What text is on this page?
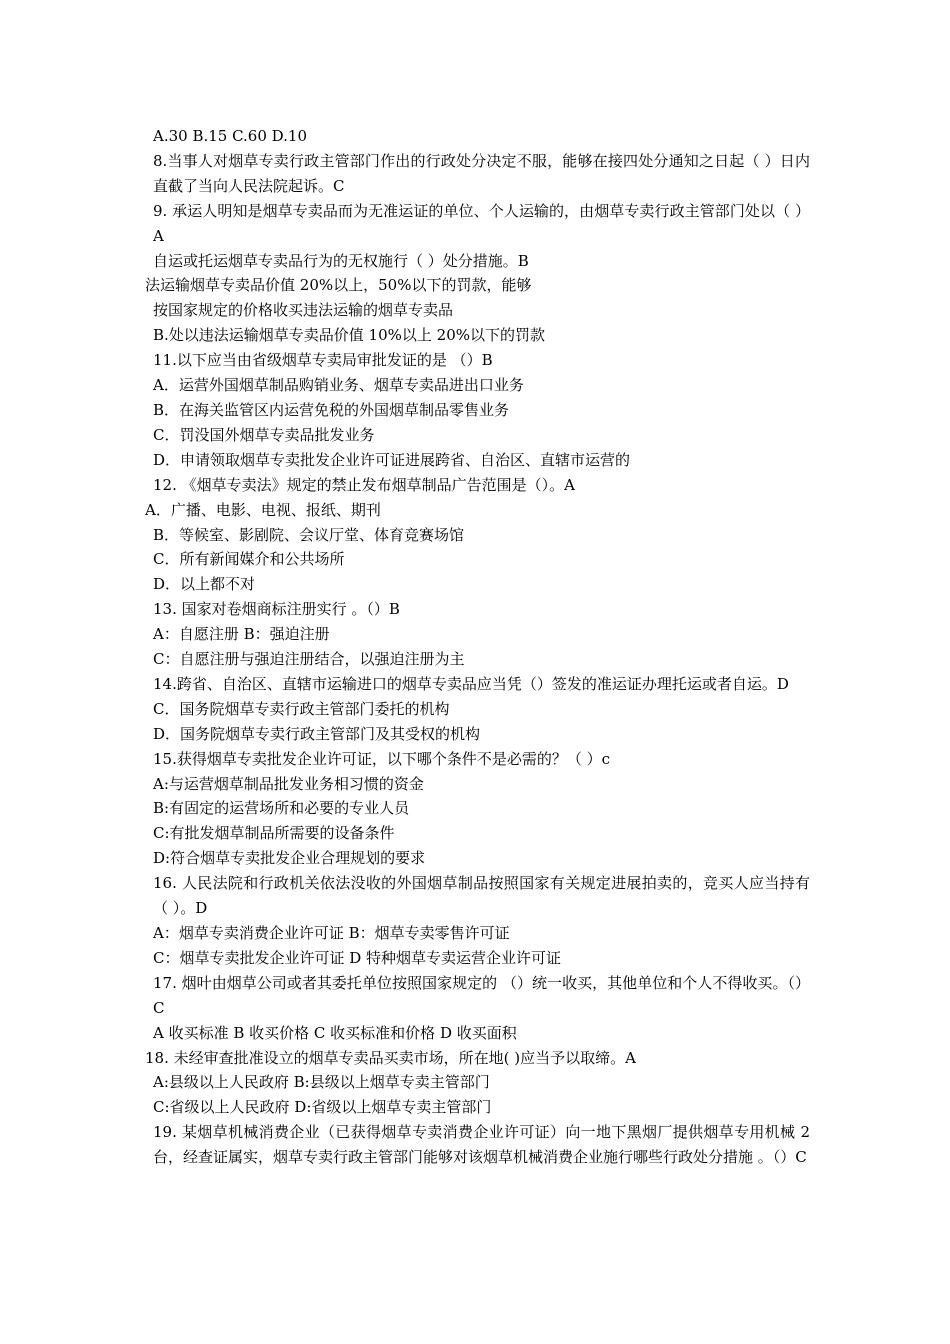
A.30 B.15 C.60 D.10
8.当事人对烟草专卖行政主管部门作出的行政处分决定不服，能够在接四处分通知之日起（ ）日内直截了当向人民法院起诉。C
9. 承运人明知是烟草专卖品而为无准运证的单位、个人运输的，由烟草专卖行政主管部门处以（ ）A
自运或托运烟草专卖品行为的无权施行（ ）处分措施。B
法运输烟草专卖品价值 20%以上，50%以下的罚款，能够
按国家规定的价格收买违法运输的烟草专卖品
B.处以违法运输烟草专卖品价值 10%以上 20%以下的罚款
11.以下应当由省级烟草专卖局审批发证的是 （）B
A．运营外国烟草制品购销业务、烟草专卖品进出口业务
B．在海关监管区内运营免税的外国烟草制品零售业务
C．罚没国外烟草专卖品批发业务
D．申请领取烟草专卖批发企业许可证进展跨省、自治区、直辖市运营的
12. 《烟草专卖法》规定的禁止发布烟草制品广告范围是（）。A
A．广播、电影、电视、报纸、期刊
B．等候室、影剧院、会议厅堂、体育竞赛场馆
C．所有新闻媒介和公共场所
D．以上都不对
13. 国家对卷烟商标注册实行 。（）B
A：自愿注册 B：强迫注册
C：自愿注册与强迫注册结合，以强迫注册为主
14.跨省、自治区、直辖市运输进口的烟草专卖品应当凭（）签发的准运证办理托运或者自运。D
C．国务院烟草专卖行政主管部门委托的机构
D．国务院烟草专卖行政主管部门及其受权的机构
15.获得烟草专卖批发企业许可证，以下哪个条件不是必需的？（ ）c
A:与运营烟草制品批发业务相习惯的资金
B:有固定的运营场所和必要的专业人员
C:有批发烟草制品所需要的设备条件
D:符合烟草专卖批发企业合理规划的要求
16. 人民法院和行政机关依法没收的外国烟草制品按照国家有关规定进展拍卖的，竞买人应当持有（ ）。D
A：烟草专卖消费企业许可证 B：烟草专卖零售许可证
C：烟草专卖批发企业许可证 D 特种烟草专卖运营企业许可证
17. 烟叶由烟草公司或者其委托单位按照国家规定的 （）统一收买，其他单位和个人不得收买。（）C
A 收买标准 B 收买价格 C 收买标准和价格 D 收买面积
18. 未经审查批准设立的烟草专卖品买卖市场，所在地( )应当予以取缔。A
A:县级以上人民政府 B:县级以上烟草专卖主管部门
C:省级以上人民政府 D:省级以上烟草专卖主管部门
19. 某烟草机械消费企业（已获得烟草专卖消费企业许可证）向一地下黑烟厂提供烟草专用机械 2 台，经查证属实，烟草专卖行政主管部门能够对该烟草机械消费企业施行哪些行政处分措施 。（）C
